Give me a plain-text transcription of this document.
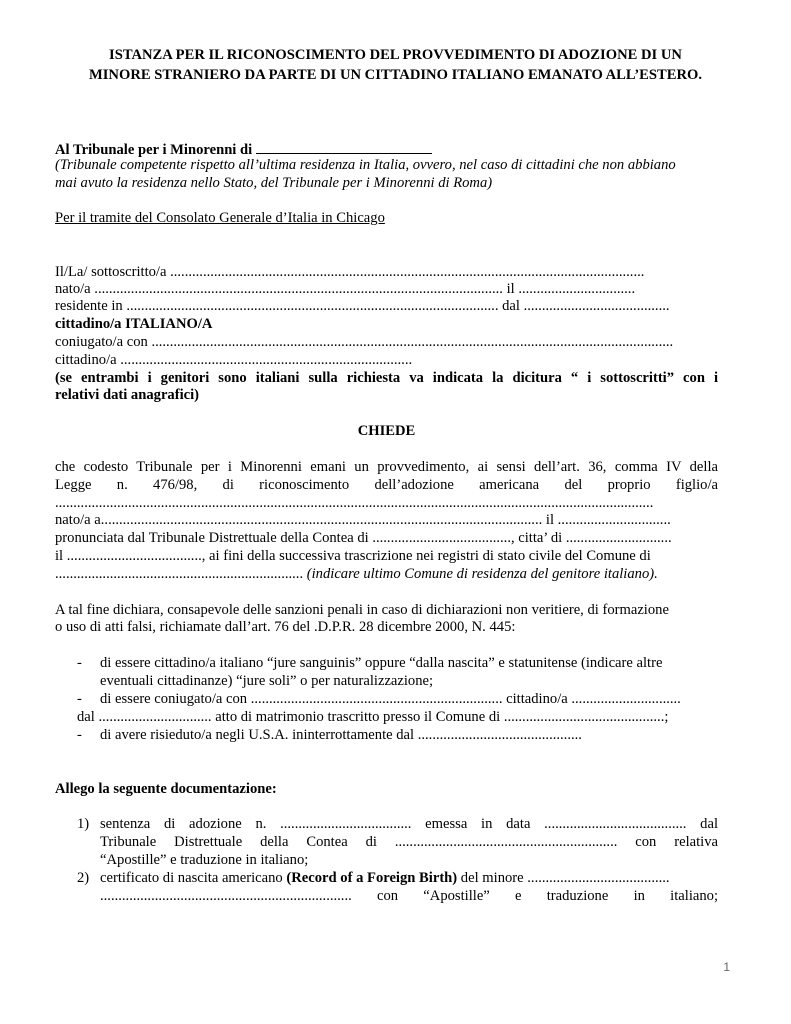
ISTANZA PER IL RICONOSCIMENTO DEL PROVVEDIMENTO DI ADOZIONE DI UN
MINORE STRANIERO DA PARTE DI UN CITTADINO ITALIANO EMANATO ALL’ESTERO.
Al Tribunale per i Minorenni di
(Tribunale competente rispetto all’ultima residenza in Italia, ovvero, nel caso di cittadini che non abbiano
mai avuto la residenza nello Stato, del Tribunale per i Minorenni di Roma)
Per il tramite del Consolato Generale d’Italia in Chicago
Il/La/ sottoscritto/a ..................................................................................................................................
nato/a ................................................................................................................ il ................................
residente in ...................................................................................................... dal ........................................
cittadino/a ITALIANO/A
coniugato/a con ...............................................................................................................................................
cittadino/a ................................................................................
(se entrambi i genitori sono italiani sulla richiesta va indicata la dicitura “ i sottoscritti” con i
relativi dati anagrafici)
CHIEDE
che codesto Tribunale per i Minorenni emani un provvedimento, ai sensi dell’art. 36, comma IV della
Legge n. 476/98, di riconoscimento dell’adozione americana del proprio figlio/a
....................................................................................................................................................................
nato/a a......................................................................................................................... il ...............................
pronunciata dal Tribunale Distrettuale della Contea di ......................................, citta’ di .............................
il ....................................., ai fini della successiva trascrizione nei registri di stato civile del Comune di
.................................................................... (indicare ultimo Comune di residenza del genitore italiano).
A tal fine dichiara, consapevole delle sanzioni penali in caso di dichiarazioni non veritiere, di formazione
o uso di atti falsi, richiamate dall’art. 76 del .D.P.R. 28 dicembre 2000, N. 445:
-	di essere cittadino/a italiano “jure sanguinis” oppure “dalla nascita” e statunitense (indicare altre
eventuali cittadinanze) “jure soli” o per naturalizzazione;
-	di essere coniugato/a con ..................................................................... cittadino/a ..............................
dal ............................... atto di matrimonio trascritto presso il Comune di ............................................;
-	di avere risieduto/a negli U.S.A. ininterrottamente dal .............................................
Allego la seguente documentazione:
1) sentenza di adozione n. .................................... emessa in data ....................................... dal
Tribunale Distrettuale della Contea di ............................................................. con relativa
“Apostille” e traduzione in italiano;
2) certificato di nascita americano (Record of a Foreign Birth) del minore .......................................
..................................................................... con “Apostille” e traduzione in italiano;
1
